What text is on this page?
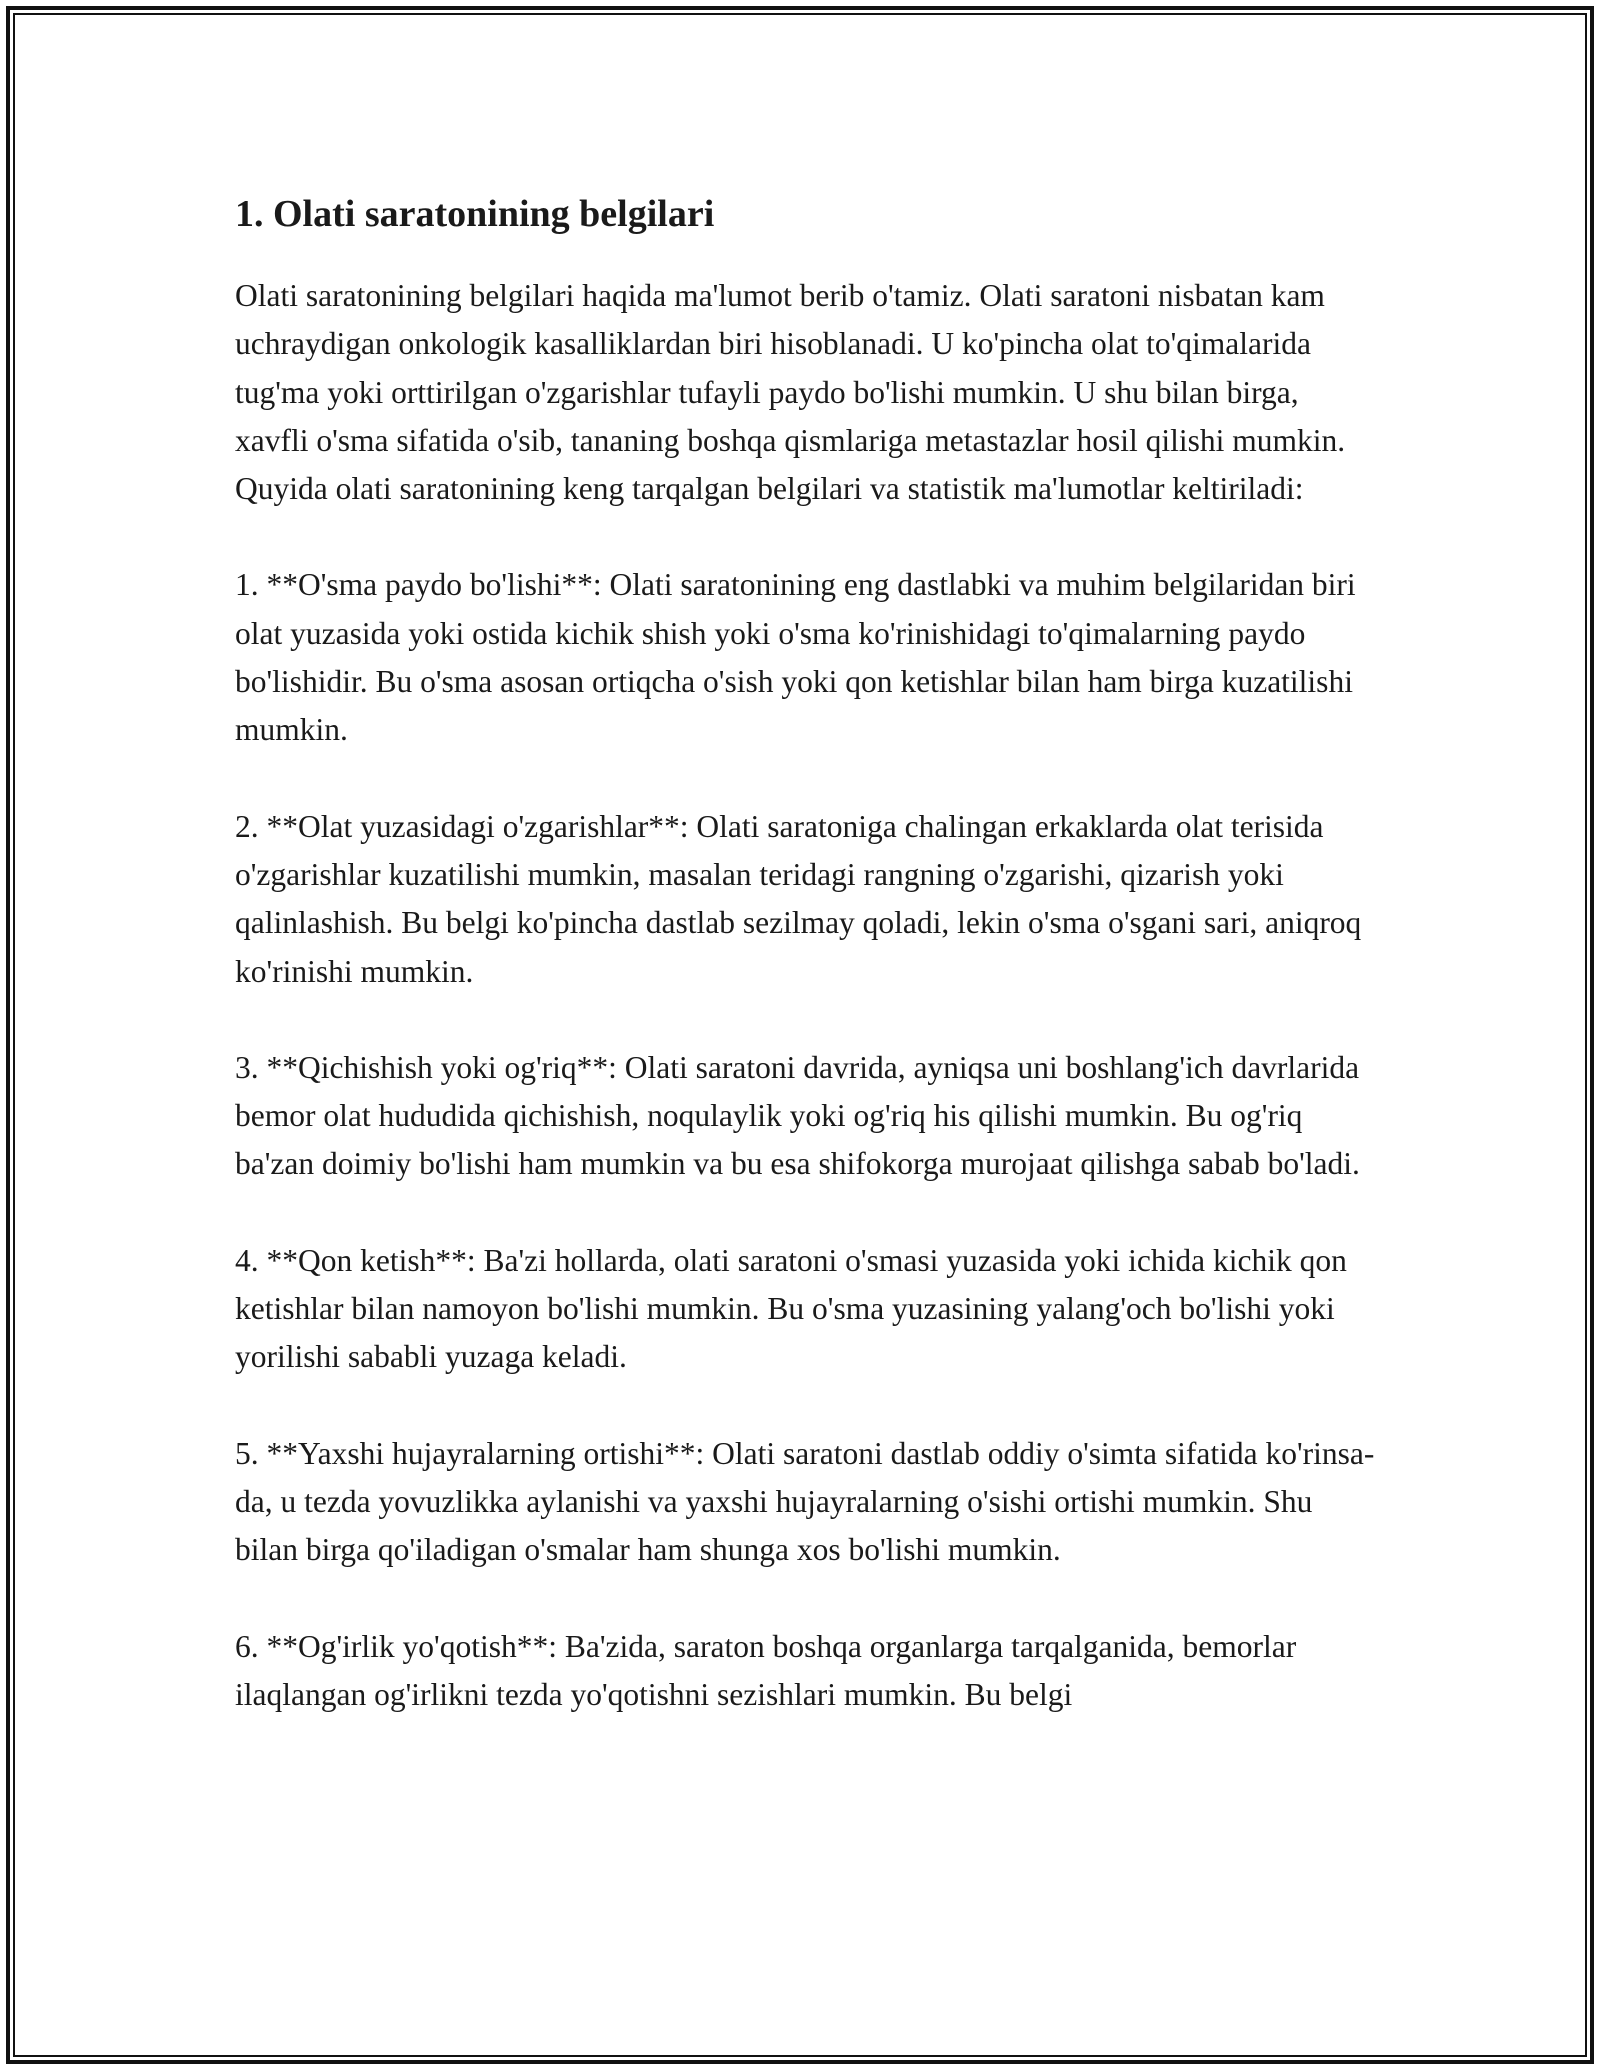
1. Olati saratonining belgilari

Olati saratonining belgilari haqida ma'lumot berib o'tamiz. Olati saratoni nisbatan kam uchraydigan onkologik kasalliklardan biri hisoblanadi. U ko'pincha olat to'qimalarida tug'ma yoki orttirilgan o'zgarishlar tufayli paydo bo'lishi mumkin. U shu bilan birga, xavfli o'sma sifatida o'sib, tananing boshqa qismlariga metastazlar hosil qilishi mumkin. Quyida olati saratonining keng tarqalgan belgilari va statistik ma'lumotlar keltiriladi:

1. **O'sma paydo bo'lishi**: Olati saratonining eng dastlabki va muhim belgilaridan biri olat yuzasida yoki ostida kichik shish yoki o'sma ko'rinishidagi to'qimalarning paydo bo'lishidir. Bu o'sma asosan ortiqcha o'sish yoki qon ketishlar bilan ham birga kuzatilishi mumkin.

2. **Olat yuzasidagi o'zgarishlar**: Olati saratoniga chalingan erkaklarda olat terisida o'zgarishlar kuzatilishi mumkin, masalan teridagi rangning o'zgarishi, qizarish yoki qalinlashish. Bu belgi ko'pincha dastlab sezilmay qoladi, lekin o'sma o'sgani sari, aniqroq ko'rinishi mumkin.

3. **Qichishish yoki og'riq**: Olati saratoni davrida, ayniqsa uni boshlang'ich davrlarida bemor olat hududida qichishish, noqulaylik yoki og'riq his qilishi mumkin. Bu og'riq ba'zan doimiy bo'lishi ham mumkin va bu esa shifokorga murojaat qilishga sabab bo'ladi.

4. **Qon ketish**: Ba'zi hollarda, olati saratoni o'smasi yuzasida yoki ichida kichik qon ketishlar bilan namoyon bo'lishi mumkin. Bu o'sma yuzasining yalang'och bo'lishi yoki yorilishi sababli yuzaga keladi.

5. **Yaxshi hujayralarning ortishi**: Olati saratoni dastlab oddiy o'simta sifatida ko'rinsa-da, u tezda yovuzlikka aylanishi va yaxshi hujayralarning o'sishi ortishi mumkin. Shu bilan birga qo'iladigan o'smalar ham shunga xos bo'lishi mumkin.

6. **Og'irlik yo'qotish**: Ba'zida, saraton boshqa organlarga tarqalganida, bemorlar ilaqlangan og'irlikni tezda yo'qotishni sezishlari mumkin. Bu belgi
